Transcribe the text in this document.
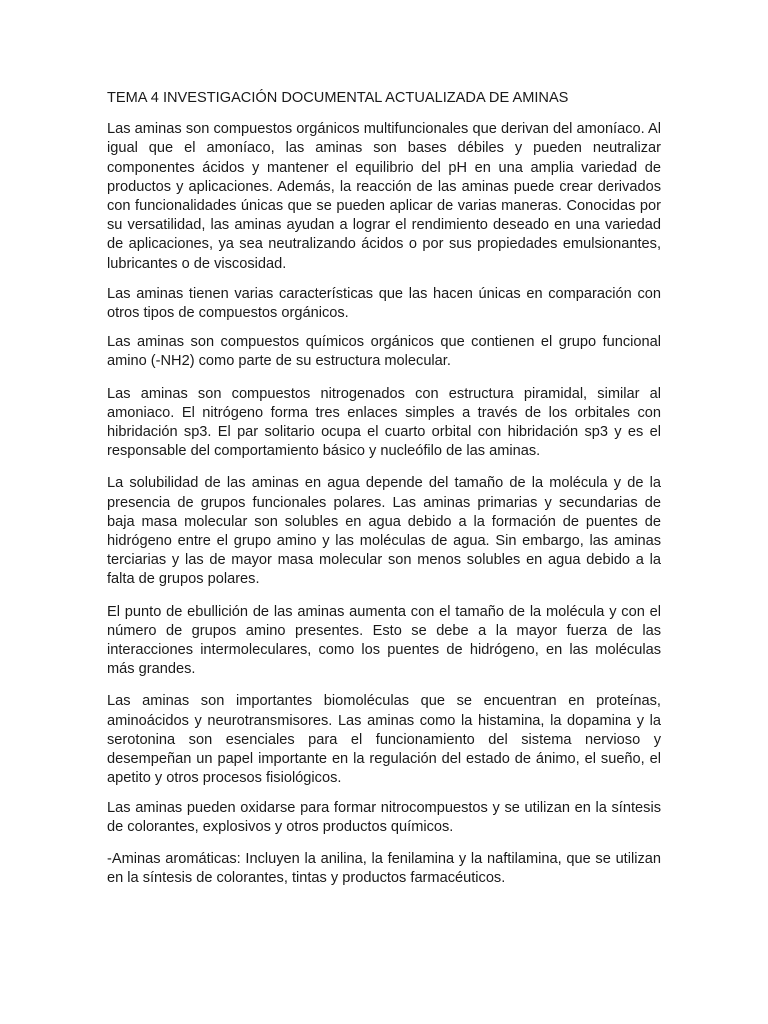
TEMA 4 INVESTIGACIÓN DOCUMENTAL ACTUALIZADA DE AMINAS

Las aminas son compuestos orgánicos multifuncionales que derivan del amoníaco. Al igual que el amoníaco, las aminas son bases débiles y pueden neutralizar componentes ácidos y mantener el equilibrio del pH en una amplia variedad de productos y aplicaciones. Además, la reacción de las aminas puede crear derivados con funcionalidades únicas que se pueden aplicar de varias maneras. Conocidas por su versatilidad, las aminas ayudan a lograr el rendimiento deseado en una variedad de aplicaciones, ya sea neutralizando ácidos o por sus propiedades emulsionantes, lubricantes o de viscosidad.

Las aminas tienen varias características que las hacen únicas en comparación con otros tipos de compuestos orgánicos.

Las aminas son compuestos químicos orgánicos que contienen el grupo funcional amino (-NH2) como parte de su estructura molecular.

Las aminas son compuestos nitrogenados con estructura piramidal, similar al amoniaco. El nitrógeno forma tres enlaces simples a través de los orbitales con hibridación sp3. El par solitario ocupa el cuarto orbital con hibridación sp3 y es el responsable del comportamiento básico y nucleófilo de las aminas.

La solubilidad de las aminas en agua depende del tamaño de la molécula y de la presencia de grupos funcionales polares. Las aminas primarias y secundarias de baja masa molecular son solubles en agua debido a la formación de puentes de hidrógeno entre el grupo amino y las moléculas de agua. Sin embargo, las aminas terciarias y las de mayor masa molecular son menos solubles en agua debido a la falta de grupos polares.

El punto de ebullición de las aminas aumenta con el tamaño de la molécula y con el número de grupos amino presentes. Esto se debe a la mayor fuerza de las interacciones intermoleculares, como los puentes de hidrógeno, en las moléculas más grandes.

Las aminas son importantes biomoléculas que se encuentran en proteínas, aminoácidos y neurotransmisores. Las aminas como la histamina, la dopamina y la serotonina son esenciales para el funcionamiento del sistema nervioso y desempeñan un papel importante en la regulación del estado de ánimo, el sueño, el apetito y otros procesos fisiológicos.

Las aminas pueden oxidarse para formar nitrocompuestos y se utilizan en la síntesis de colorantes, explosivos y otros productos químicos.

-Aminas aromáticas: Incluyen la anilina, la fenilamina y la naftilamina, que se utilizan en la síntesis de colorantes, tintas y productos farmacéuticos.
